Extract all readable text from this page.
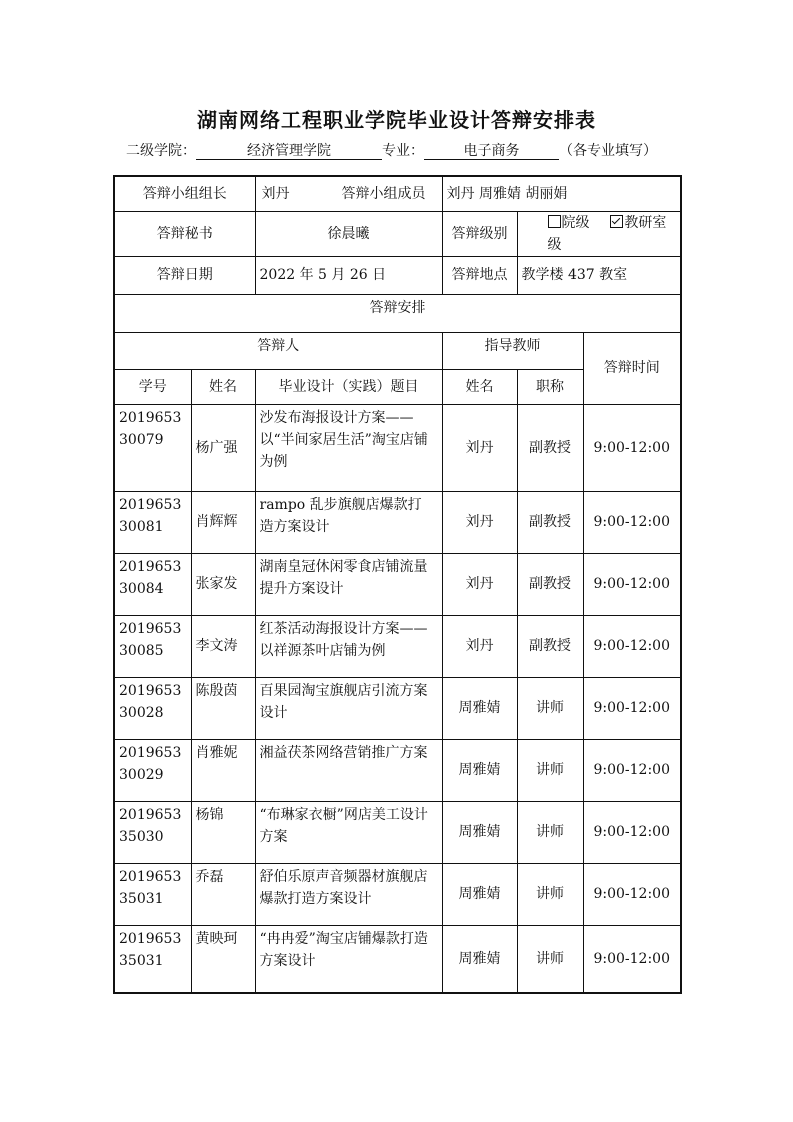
湖南网络工程职业学院毕业设计答辩安排表
二级学院：	经济管理学院	专业：	电子商务	（各专业填写）
答辩小组组长		刘丹 答辩小组成员	刘丹 周雅婧 胡丽娟		
答辩秘书		徐晨曦	答辩级别	院级 教研室级	
答辩日期		2022 年 5 月 26 日	答辩地点	教学楼 437 教室	
答辩安排					
答辩人			指导教师		答辩时间
学号	姓名	毕业设计（实践）题目	姓名	职称	

2019653
30079	杨广强	沙发布海报设计方案——以“半间家居生活”淘宝店铺为例	刘丹	副教授	9:00-12:00

2019653
30081	肖辉辉	rampo 乱步旗舰店爆款打造方案设计	刘丹	副教授	9:00-12:00

2019653
30084	张家发	湖南皇冠休闲零食店铺流量提升方案设计	刘丹	副教授	9:00-12:00

2019653
30085	李文涛	红茶活动海报设计方案——以祥源茶叶店铺为例	刘丹	副教授	9:00-12:00

2019653
30028	陈殷茵	百果园淘宝旗舰店引流方案设计	周雅婧	讲师	9:00-12:00

2019653
30029	肖雅妮	湘益茯茶网络营销推广方案	周雅婧	讲师	9:00-12:00

2019653
35030	杨锦	“布琳家衣橱”网店美工设计方案	周雅婧	讲师	9:00-12:00

2019653
35031	乔磊	舒伯乐原声音频器材旗舰店爆款打造方案设计	周雅婧	讲师	9:00-12:00

2019653
35031	黄映珂	“冉冉爱”淘宝店铺爆款打造方案设计	周雅婧	讲师	9:00-12:00
